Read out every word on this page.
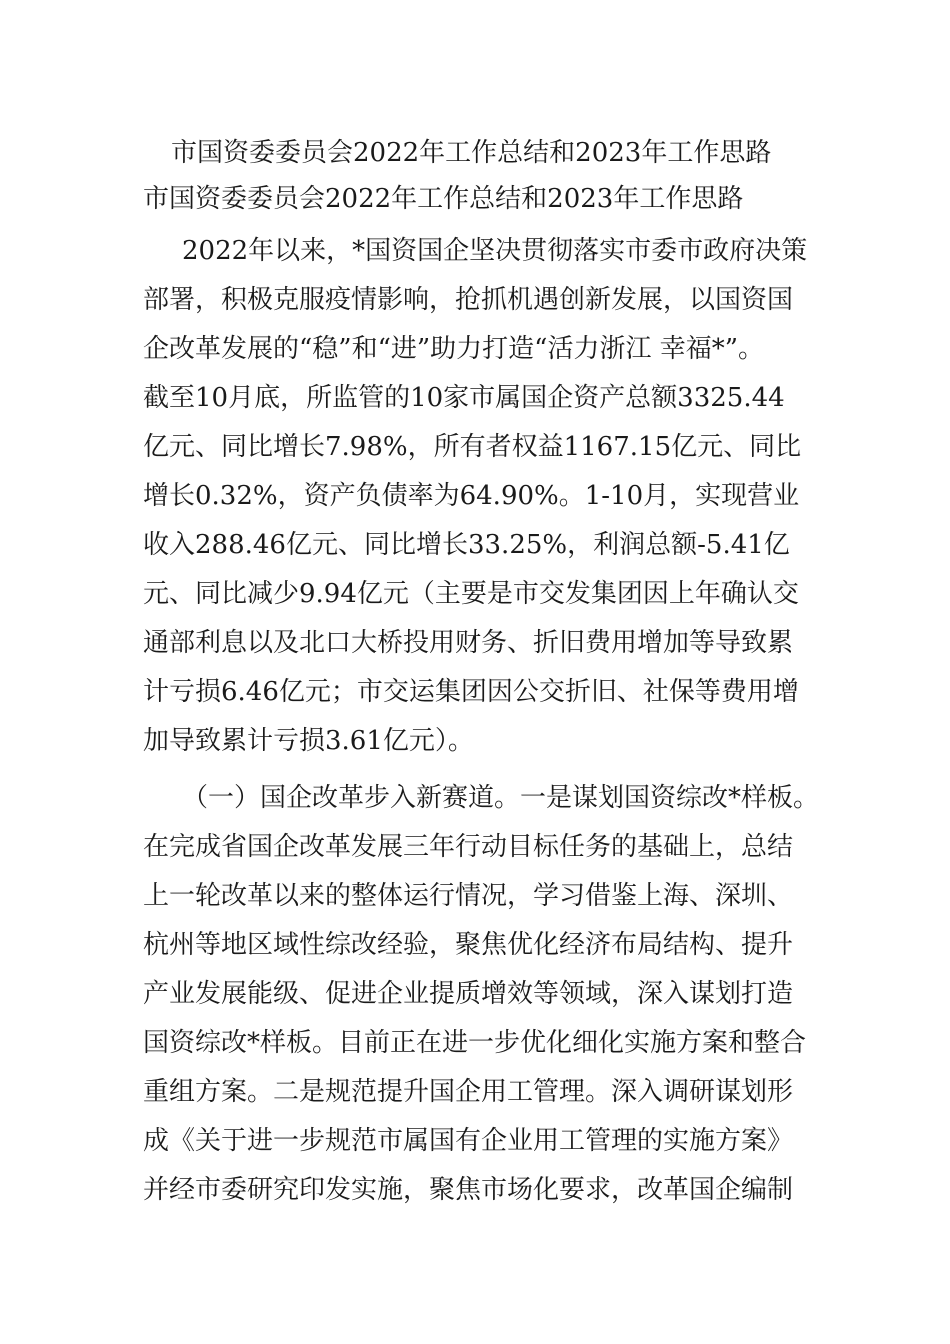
市国资委委员会2022年工作总结和2023年工作思路
市国资委委员会2022年工作总结和2023年工作思路
2022年以来，*国资国企坚决贯彻落实市委市政府决策
部署，积极克服疫情影响，抢抓机遇创新发展，以国资国
企改革发展的“稳”和“进”助力打造“活力浙江 幸福*”。
截至10月底，所监管的10家市属国企资产总额3325.44
亿元、同比增长7.98%，所有者权益1167.15亿元、同比
增长0.32%，资产负债率为64.90%。1-10月，实现营业
收入288.46亿元、同比增长33.25%，利润总额-5.41亿
元、同比减少9.94亿元（主要是市交发集团因上年确认交
通部利息以及北口大桥投用财务、折旧费用增加等导致累
计亏损6.46亿元；市交运集团因公交折旧、社保等费用增
加导致累计亏损3.61亿元）。
（一）国企改革步入新赛道。一是谋划国资综改*样板。
在完成省国企改革发展三年行动目标任务的基础上，总结
上一轮改革以来的整体运行情况，学习借鉴上海、深圳、
杭州等地区域性综改经验，聚焦优化经济布局结构、提升
产业发展能级、促进企业提质增效等领域，深入谋划打造
国资综改*样板。目前正在进一步优化细化实施方案和整合
重组方案。二是规范提升国企用工管理。深入调研谋划形
成《关于进一步规范市属国有企业用工管理的实施方案》
并经市委研究印发实施，聚焦市场化要求，改革国企编制
